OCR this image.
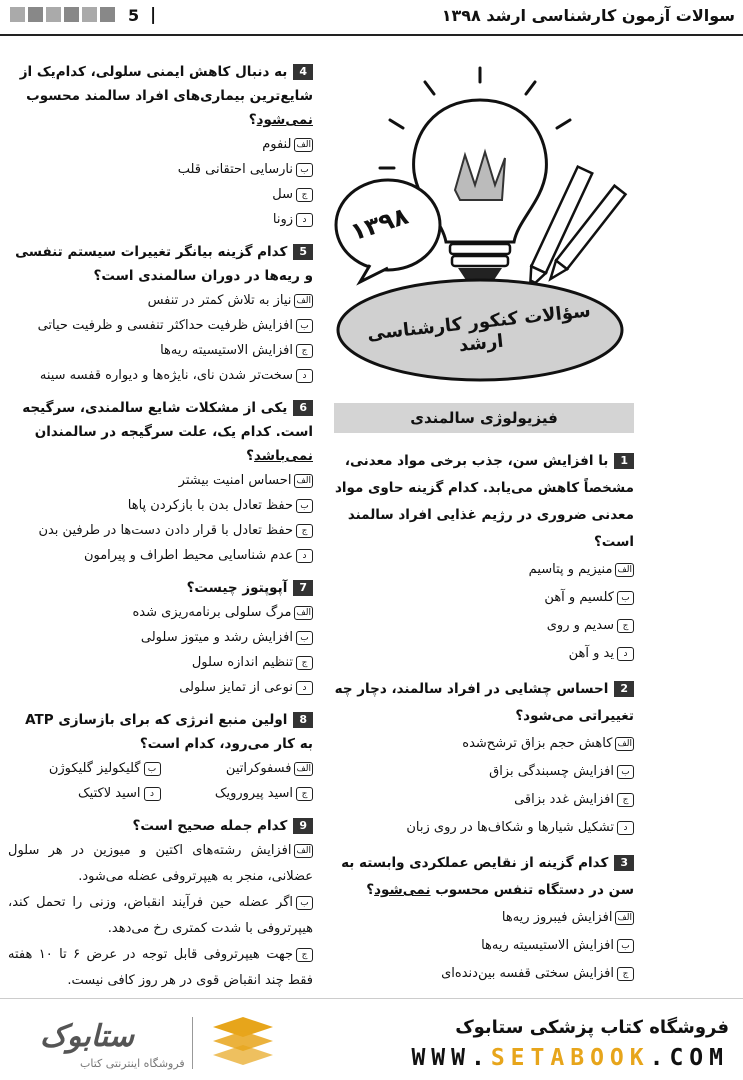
5 |	سوالات آزمون کارشناسی ارشد ۱۳۹۸
۱۳۹۸
سؤالات کنکور کارشناسی ارشد
4به دنبال کاهش ایمنی سلولی، کدام‌یک از شایع‌ترین بیماری‌های افراد سالمند محسوب نمی‌شود؟
الفلنفوم
بنارسایی احتقانی قلب
جسل
دزونا
5کدام گزینه بیانگر تغییرات سیستم تنفسی و ریه‌ها در دوران سالمندی است؟
الفنیاز به تلاش کمتر در تنفس
بافزایش ظرفیت حداکثر تنفسی و ظرفیت حیاتی
جافزایش الاستیسیته ریه‌ها
دسخت‌تر شدن نای، نایژه‌ها و دیواره قفسه سینه
6یکی از مشکلات شایع سالمندی، سرگیجه است. کدام یک، علت سرگیجه در سالمندان نمی‌باشد؟
الفاحساس امنیت بیشتر
بحفظ تعادل بدن با بازکردن پاها
جحفظ تعادل با قرار دادن دست‌ها در طرفین بدن
دعدم شناسایی محیط اطراف و پیرامون
7آپوپتوز چیست؟
الفمرگ سلولی برنامه‌ریزی شده
بافزایش رشد و میتوز سلولی
جتنظیم اندازه سلول
دنوعی از تمایز سلولی
8اولین منبع انرژی که برای بازسازی ATP به کار می‌رود، کدام است؟
الففسفوکراتین
بگلیکولیز گلیکوژن
جاسید پیرورویک
داسید لاکتیک
9کدام جمله صحیح است؟
الفافزایش رشته‌های اکتین و میوزین در هر سلول عضلانی، منجر به هیپرتروفی عضله می‌شود.
باگر عضله حین فرآیند انقباض، وزنی را تحمل کند، هیپرتروفی با شدت کمتری رخ می‌دهد.
ججهت هیپرتروفی قابل توجه در عرض ۶ تا ۱۰ هفته فقط چند انقباض قوی در هر روز کافی نیست.
فیزیولوژی سالمندی
1با افزایش سن، جذب برخی مواد معدنی، مشخصاً کاهش می‌یابد. کدام گزینه حاوی مواد معدنی ضروری در رژیم غذایی افراد سالمند است؟
الفمنیزیم و پتاسیم
بکلسیم و آهن
جسدیم و روی
دید و آهن
2احساس چشایی در افراد سالمند، دچار چه تغییراتی می‌شود؟
الفکاهش حجم بزاق ترشح‌شده
بافزایش چسبندگی بزاق
جافزایش غدد بزاقی
دتشکیل شیارها و شکاف‌ها در روی زبان
3کدام گزینه از نقایص عملکردی وابسته به سن در دستگاه تنفس محسوب نمی‌شود؟
الفافزایش فیبروز ریه‌ها
بافزایش الاستیسیته ریه‌ها
جافزایش سختی قفسه بین‌دنده‌ای
ستابوک
فروشگاه اینترنتی کتاب
فروشگاه کتاب پزشکی ستابوک
WWW.SETABOOK.COM
